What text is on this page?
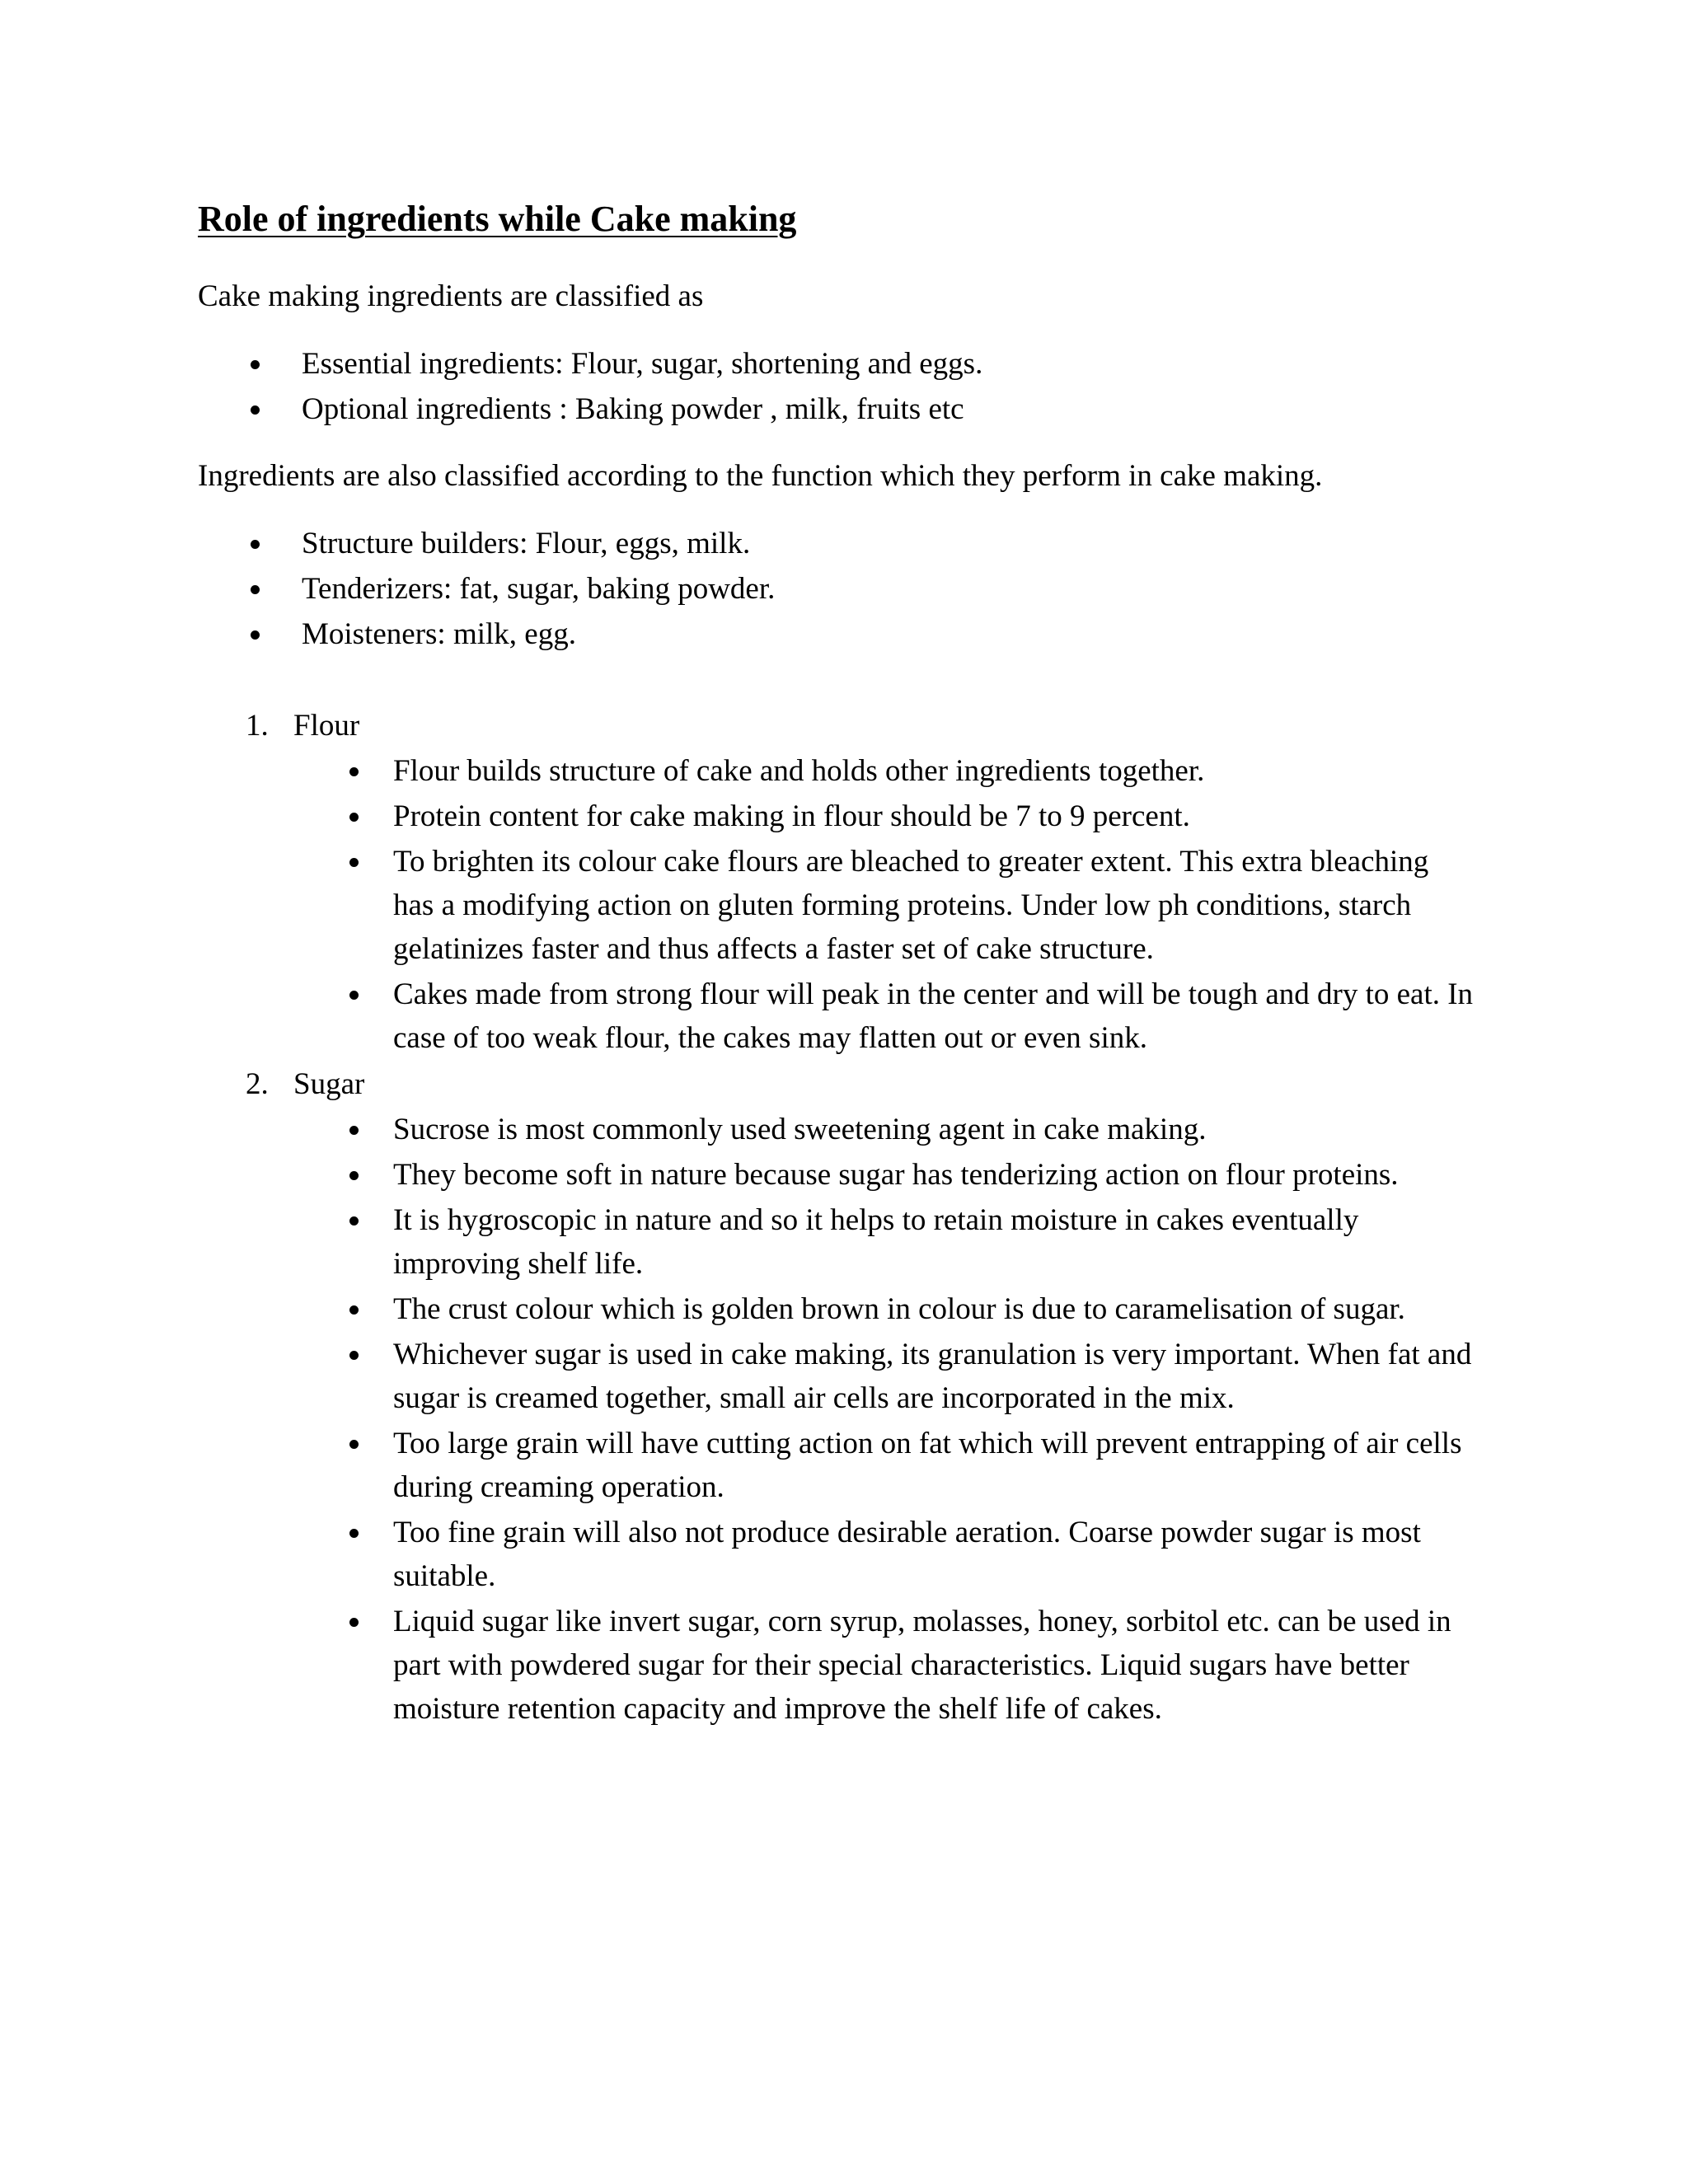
Role of ingredients while Cake making

Cake making ingredients are classified as

Essential ingredients: Flour, sugar, shortening and eggs.
Optional ingredients : Baking powder , milk, fruits etc

Ingredients are also classified according to the function which they perform in cake making.

Structure builders: Flour, eggs, milk.
Tenderizers: fat, sugar, baking powder.
Moisteners: milk, egg.
1. Flour
Flour builds structure of cake and holds other ingredients together.
Protein content for cake making in flour should be 7 to 9 percent.
To brighten its colour cake flours are bleached to greater extent. This extra bleaching has a modifying action on gluten forming proteins. Under low ph conditions, starch gelatinizes faster and thus affects a faster set of cake structure.
Cakes made from strong flour will peak in the center and will be tough and dry to eat. In case of too weak flour, the cakes may flatten out or even sink.
2. Sugar
Sucrose is most commonly used sweetening agent in cake making.
They become soft in nature because sugar has tenderizing action on flour proteins.
It is hygroscopic in nature and so it helps to retain moisture in cakes eventually improving shelf life.
The crust colour which is golden brown in colour is due to caramelisation of sugar.
Whichever sugar is used in cake making, its granulation is very important. When fat and sugar is creamed together, small air cells are incorporated in the mix.
Too large grain will have cutting action on fat which will prevent entrapping of air cells during creaming operation.
Too fine grain will also not produce desirable aeration. Coarse powder sugar is most suitable.
Liquid sugar like invert sugar, corn syrup, molasses, honey, sorbitol etc. can be used in part with powdered sugar for their special characteristics. Liquid sugars have better moisture retention capacity and improve the shelf life of cakes.
